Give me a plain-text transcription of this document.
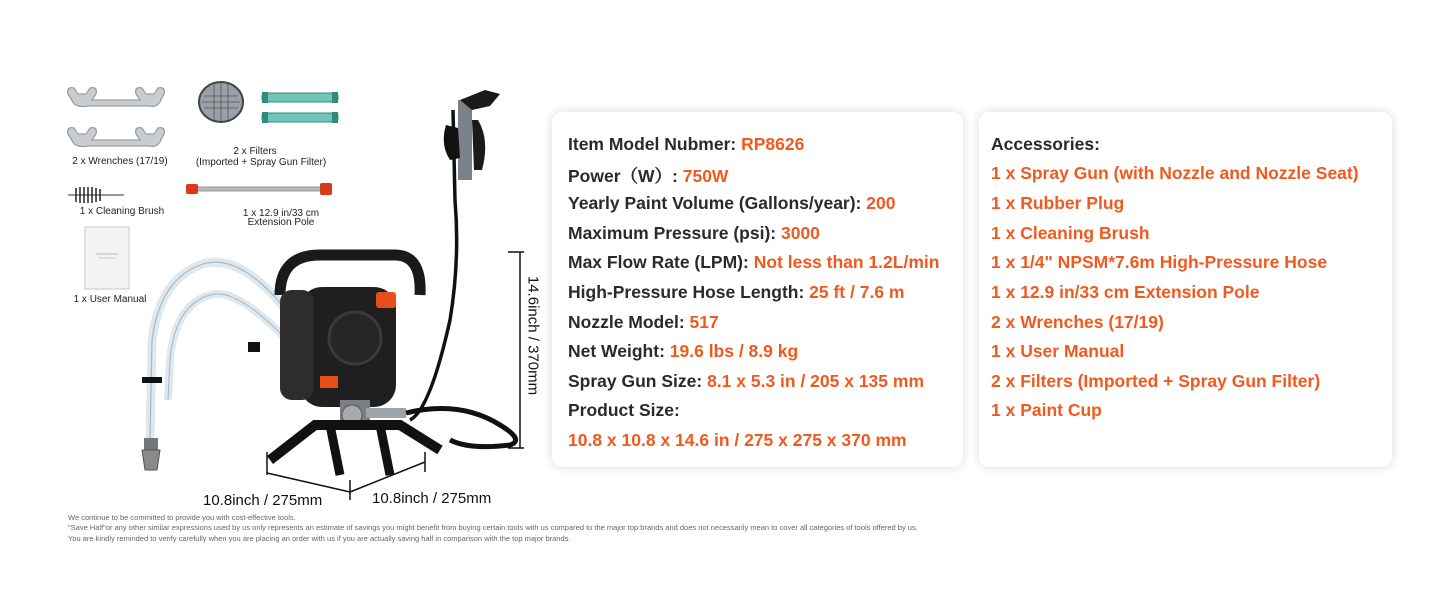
2 x Wrenches (17/19)
2 x Filters
(Imported + Spray Gun Filter)
1 x Cleaning Brush	1 x 12.9 in/33 cm
Extension Pole
1 x User Manual	14.6inch / 370mm
10.8inch / 275mm	10.8inch / 275mm
Item Model Nubmer: RP8626
Power（W）: 750W
Yearly Paint Volume (Gallons/year): 200
Maximum Pressure (psi): 3000
Max Flow Rate (LPM): Not less than 1.2L/min
High-Pressure Hose Length: 25 ft / 7.6 m
Nozzle Model: 517
Net Weight: 19.6 lbs / 8.9 kg
Spray Gun Size: 8.1 x 5.3 in / 205 x 135 mm
Product Size:
10.8 x 10.8 x 14.6 in / 275 x 275 x 370 mm
Accessories:
1 x Spray Gun (with Nozzle and Nozzle Seat)
1 x Rubber Plug
1 x Cleaning Brush
1 x 1/4" NPSM*7.6m High-Pressure Hose
1 x 12.9 in/33 cm Extension Pole
2 x Wrenches (17/19)
1 x User Manual
2 x Filters (Imported + Spray Gun Filter)
1 x Paint Cup
We continue to be committed to provide you with cost-effective tools.
"Save Half"or any other similar expressions used by us only represents an estimate of savings you might benefit from buying certain tools with us compared to the major top brands and does not necessarily mean to cover all categories of tools offered by us.
You are kindly reminded to verify carefully when you are placing an order with us if you are actually saving half in comparison with the top major brands.
